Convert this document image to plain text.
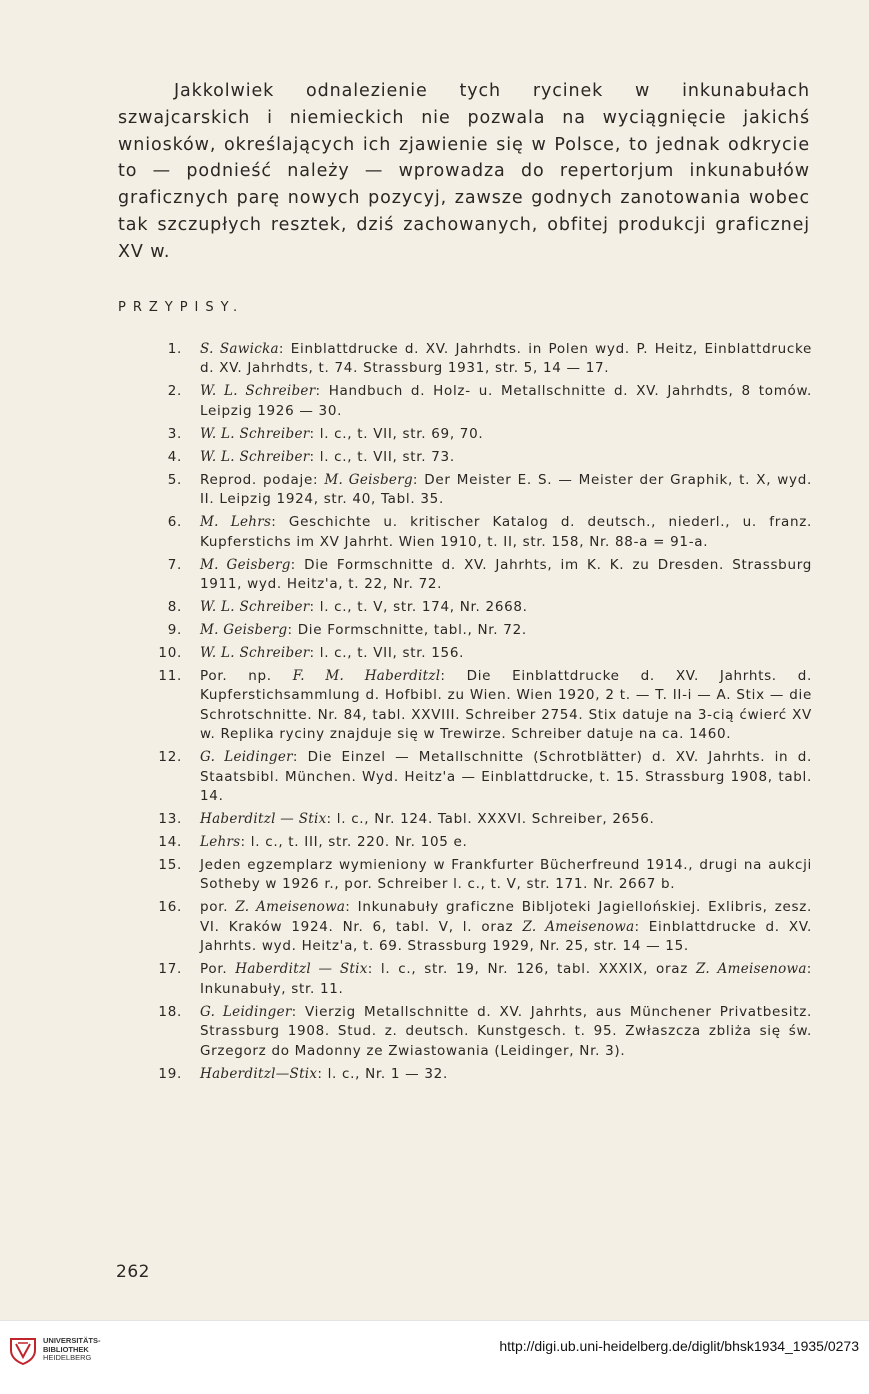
Jakkolwiek odnalezienie tych rycinek w inkunabułach szwajcarskich i niemieckich nie pozwala na wyciągnięcie jakichś wniosków, określających ich zjawienie się w Polsce, to jednak odkrycie to — podnieść należy — wprowadza do repertorjum inkunabułów graficznych parę nowych pozycyj, zawsze godnych zanotowania wobec tak szczupłych resztek, dziś zachowanych, obfitej produkcji graficznej XV w.

PRZYPISY.

1. S. Sawicka: Einblattdrucke d. XV. Jahrhdts. in Polen wyd. P. Heitz, Einblattdrucke d. XV. Jahrhdts, t. 74. Strassburg 1931, str. 5, 14 — 17.
2. W. L. Schreiber: Handbuch d. Holz- u. Metallschnitte d. XV. Jahrhdts, 8 tomów. Leipzig 1926 — 30.
3. W. L. Schreiber: l. c., t. VII, str. 69, 70.
4. W. L. Schreiber: l. c., t. VII, str. 73.
5. Reprod. podaje: M. Geisberg: Der Meister E. S. — Meister der Graphik, t. X, wyd. II. Leipzig 1924, str. 40, Tabl. 35.
6. M. Lehrs: Geschichte u. kritischer Katalog d. deutsch., niederl., u. franz. Kupferstichs im XV Jahrht. Wien 1910, t. II, str. 158, Nr. 88-a = 91-a.
7. M. Geisberg: Die Formschnitte d. XV. Jahrhts, im K. K. zu Dresden. Strassburg 1911, wyd. Heitz'a, t. 22, Nr. 72.
8. W. L. Schreiber: l. c., t. V, str. 174, Nr. 2668.
9. M. Geisberg: Die Formschnitte, tabl., Nr. 72.
10. W. L. Schreiber: l. c., t. VII, str. 156.
11. Por. np. F. M. Haberditzl: Die Einblattdrucke d. XV. Jahrhts. d. Kupferstichsammlung d. Hofbibl. zu Wien. Wien 1920, 2 t. — T. II-i — A. Stix — die Schrotschnitte. Nr. 84, tabl. XXVIII. Schreiber 2754. Stix datuje na 3-cią ćwierć XV w. Replika ryciny znajduje się w Trewirze. Schreiber datuje na ca. 1460.
12. G. Leidinger: Die Einzel — Metallschnitte (Schrotblätter) d. XV. Jahrhts. in d. Staatsbibl. München. Wyd. Heitz'a — Einblattdrucke, t. 15. Strassburg 1908, tabl. 14.
13. Haberditzl — Stix: l. c., Nr. 124. Tabl. XXXVI. Schreiber, 2656.
14. Lehrs: l. c., t. III, str. 220. Nr. 105 e.
15. Jeden egzemplarz wymieniony w Frankfurter Bücherfreund 1914., drugi na aukcji Sotheby w 1926 r., por. Schreiber l. c., t. V, str. 171. Nr. 2667 b.
16. por. Z. Ameisenowa: Inkunabuły graficzne Bibljoteki Jagiellońskiej. Exlibris, zesz. VI. Kraków 1924. Nr. 6, tabl. V, l. oraz Z. Ameisenowa: Einblattdrucke d. XV. Jahrhts. wyd. Heitz'a, t. 69. Strassburg 1929, Nr. 25, str. 14 — 15.
17. Por. Haberditzl — Stix: l. c., str. 19, Nr. 126, tabl. XXXIX, oraz Z. Ameisenowa: Inkunabuły, str. 11.
18. G. Leidinger: Vierzig Metallschnitte d. XV. Jahrhts, aus Münchener Privatbesitz. Strassburg 1908. Stud. z. deutsch. Kunstgesch. t. 95. Zwłaszcza zbliża się św. Grzegorz do Madonny ze Zwiastowania (Leidinger, Nr. 3).
19. Haberditzl—Stix: l. c., Nr. 1 — 32.
262
UNIVERSITÄTS-
BIBLIOTHEK
HEIDELBERG
http://digi.ub.uni-heidelberg.de/diglit/bhsk1934_1935/0273
